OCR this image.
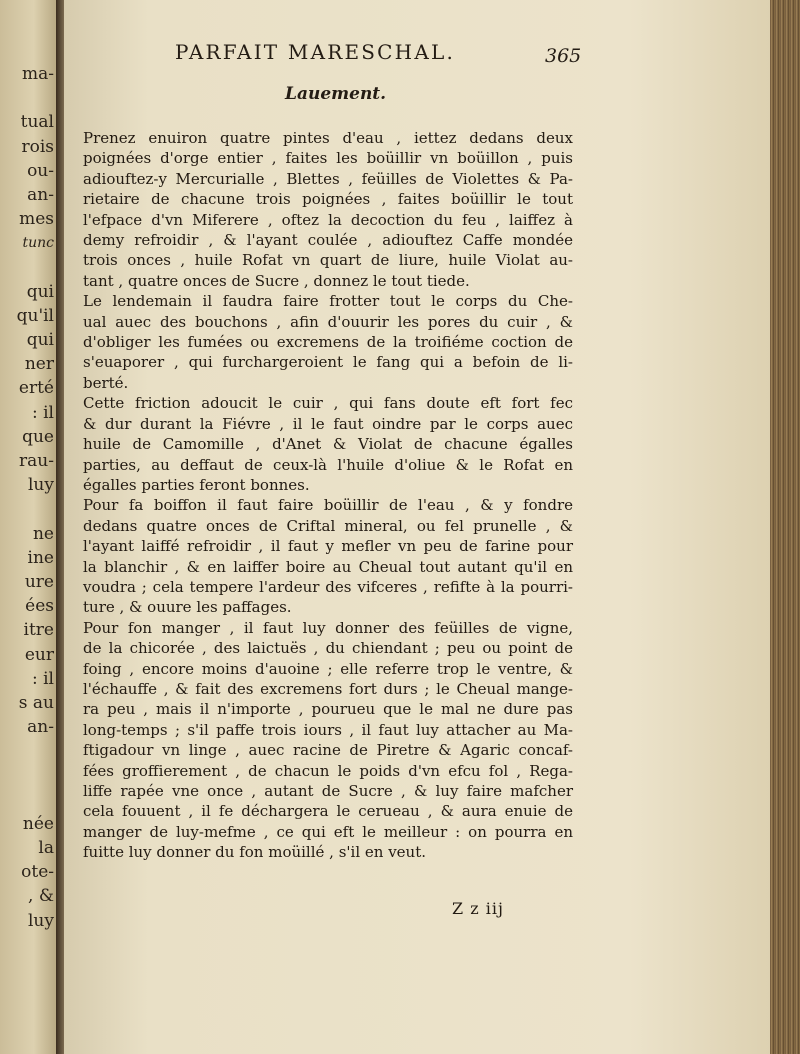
ma-
tual
rois
ou-
an-
mes
tunc
qui
qu'il
qui
ner
erté
: il
que
rau-
luy
ne
ine
ure
ées
itre
eur
: il
s au
an-
née
la
ote-
, &
luy
PARFAIT MARESCHAL.	365
Lauement.

Prenez enuiron quatre pintes d'eau , iettez dedans deux
poignées d'orge entier , faites les boüillir vn boüillon , puis
adiouftez-y Mercurialle , Blettes , feüilles de Violettes & Pa-
rietaire de chacune trois poignées , faites boüillir le tout
l'efpace d'vn Miferere , oftez la decoction du feu , laiffez à
demy refroidir , & l'ayant coulée , adiouftez Caffe mondée
trois onces , huile Rofat vn quart de liure, huile Violat au-
tant , quatre onces de Sucre , donnez le tout tiede.

Le lendemain il faudra faire frotter tout le corps du Che-
ual auec des bouchons , afin d'ouurir les pores du cuir , &
d'obliger les fumées ou excremens de la troifiéme coction de
s'euaporer , qui furchargeroient le fang qui a befoin de li-
berté.

Cette friction adoucit le cuir , qui fans doute eft fort fec
& dur durant la Fiévre , il le faut oindre par le corps auec
huile de Camomille , d'Anet & Violat de chacune égalles
parties, au deffaut de ceux-là l'huile d'oliue & le Rofat en
égalles parties feront bonnes.

Pour fa boiffon il faut faire boüillir de l'eau , & y fondre
dedans quatre onces de Criftal mineral, ou fel prunelle , &
l'ayant laiffé refroidir , il faut y mefler vn peu de farine pour
la blanchir , & en laiffer boire au Cheual tout autant qu'il en
voudra ; cela tempere l'ardeur des vifceres , refifte à la pourri-
ture , & ouure les paffages.

Pour fon manger , il faut luy donner des feüilles de vigne,
de la chicorée , des laictuës , du chiendant ; peu ou point de
foing , encore moins d'auoine ; elle referre trop le ventre, &
l'échauffe , & fait des excremens fort durs ; le Cheual mange-
ra peu , mais il n'importe , pourueu que le mal ne dure pas
long-temps ; s'il paffe trois iours , il faut luy attacher au Ma-
ftigadour vn linge , auec racine de Piretre & Agaric concaf-
fées groffierement , de chacun le poids d'vn efcu fol , Rega-
liffe rapée vne once , autant de Sucre , & luy faire mafcher
cela fouuent , il fe déchargera le cerueau , & aura enuie de
manger de luy-mefme , ce qui eft le meilleur : on pourra en
fuitte luy donner du fon moüillé , s'il en veut.

Z z iij
